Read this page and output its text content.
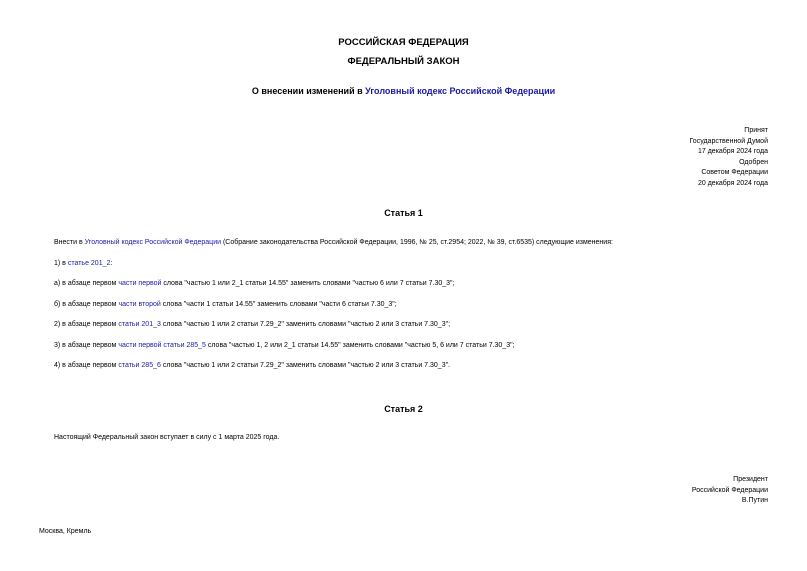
РОССИЙСКАЯ ФЕДЕРАЦИЯ
ФЕДЕРАЛЬНЫЙ ЗАКОН
О внесении изменений в Уголовный кодекс Российской Федерации
Принят
Государственной Думой
17 декабря 2024 года
Одобрен
Советом Федерации
20 декабря 2024 года
Статья 1
Внести в Уголовный кодекс Российской Федерации (Собрание законодательства Российской Федерации, 1996, № 25, ст.2954; 2022, № 39, ст.6535) следующие изменения:
1) в статье 201_2:
а) в абзаце первом части первой слова "частью 1 или 2_1 статьи 14.55" заменить словами "частью 6 или 7 статьи 7.30_3";
б) в абзаце первом части второй слова "части 1 статьи 14.55" заменить словами "части 6 статьи 7.30_3";
2) в абзаце первом статьи 201_3 слова "частью 1 или 2 статьи 7.29_2" заменить словами "частью 2 или 3 статьи 7.30_3";
3) в абзаце первом части первой статьи 285_5 слова "частью 1, 2 или 2_1 статьи 14.55" заменить словами "частью 5, 6 или 7 статьи 7.30_3";
4) в абзаце первом статьи 285_6 слова "частью 1 или 2 статьи 7.29_2" заменить словами "частью 2 или 3 статьи 7.30_3".
Статья 2
Настоящий Федеральный закон вступает в силу с 1 марта 2025 года.
Президент
Российской Федерации
В.Путин
Москва, Кремль
